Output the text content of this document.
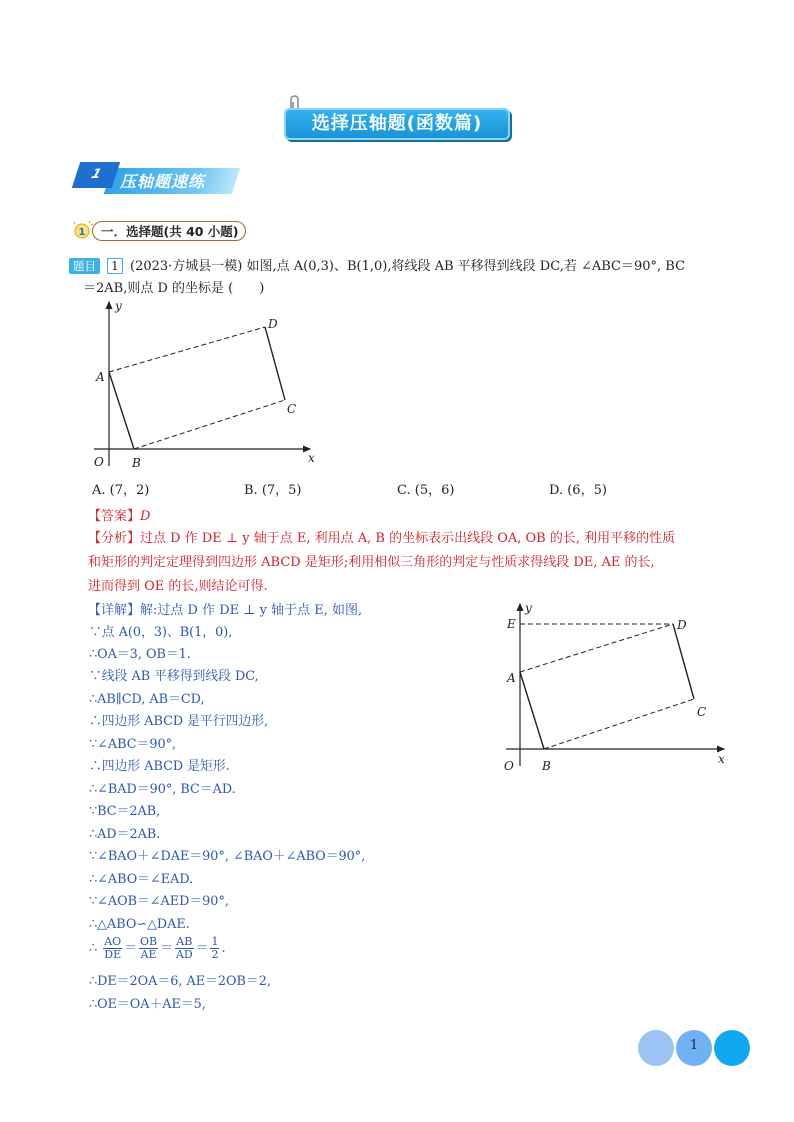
选择压轴题(函数篇)
1	压轴题速练
1	一．选择题(共 40 小题)
题目	1 (2023·方城县一模) 如图,点 A(0,3)、B(1,0),将线段 AB 平移得到线段 DC,若 ∠ABC＝90°, BC
＝2AB,则点 D 的坐标是 (　　)
y
x
O
A
B
C
D
A. (7，2)	B. (7，5)	C. (5，6)	D. (6，5)
【答案】D
【分析】过点 D 作 DE ⊥ y 轴于点 E, 利用点 A, B 的坐标表示出线段 OA, OB 的长, 利用平移的性质
和矩形的判定定理得到四边形 ABCD 是矩形;利用相似三角形的判定与性质求得线段 DE, AE 的长,
进而得到 OE 的长,则结论可得.
【详解】解:过点 D 作 DE ⊥ y 轴于点 E, 如图,
∵点 A(0，3)、B(1，0),
∴OA＝3, OB＝1.
∵线段 AB 平移得到线段 DC,
∴AB∥CD, AB＝CD,
∴四边形 ABCD 是平行四边形,
∵∠ABC＝90°,
∴四边形 ABCD 是矩形.
∴∠BAD＝90°, BC＝AD.
∵BC＝2AB,
∴AD＝2AB.
∵∠BAO＋∠DAE＝90°, ∠BAO＋∠ABO＝90°,
∴∠ABO＝∠EAD.
∵∠AOB＝∠AED＝90°,
∴△ABO∽△DAE.
∴ $\frac{AO}{DE} = \frac{OB}{AE} = \frac{AB}{AD} = \frac{1}{2}$ .
∴DE＝2OA＝6, AE＝2OB＝2,
∴OE＝OA＋AE＝5,
y
x
O
E
A
B
C
D
1
